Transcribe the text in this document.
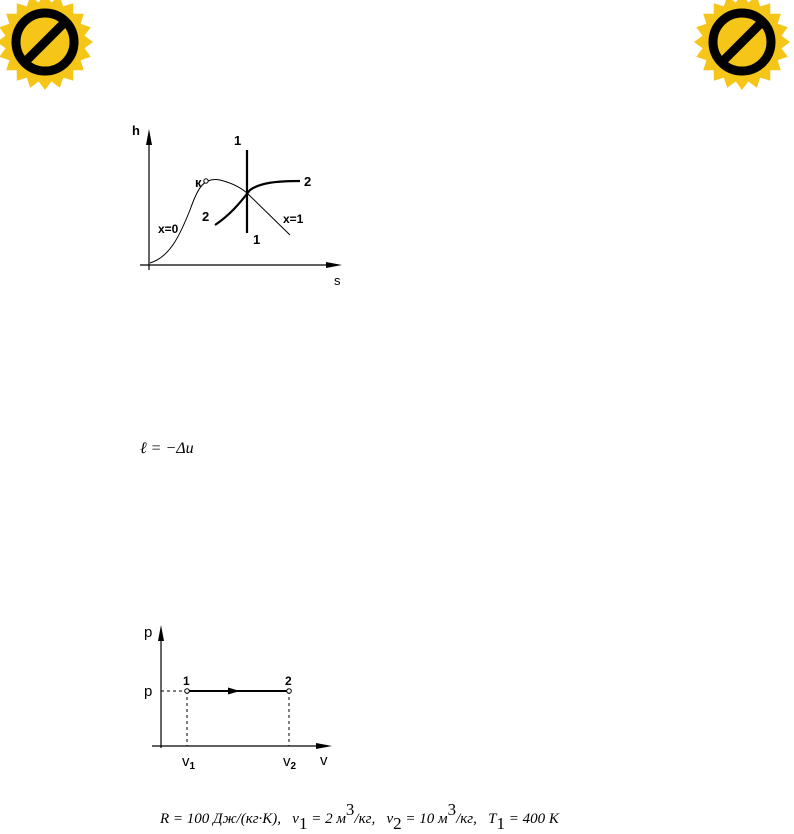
h
s
1
1
2
2
к
x=0
x=1
ℓ = −Δu
p
v
p
1	2
$v_1$	$v_2$
R = 100 Дж/(кг·К), $v_1 = 2$ $м^3/кг$, $v_2 = 10$ $м^3/кг$, $T_1 = 400$ K
